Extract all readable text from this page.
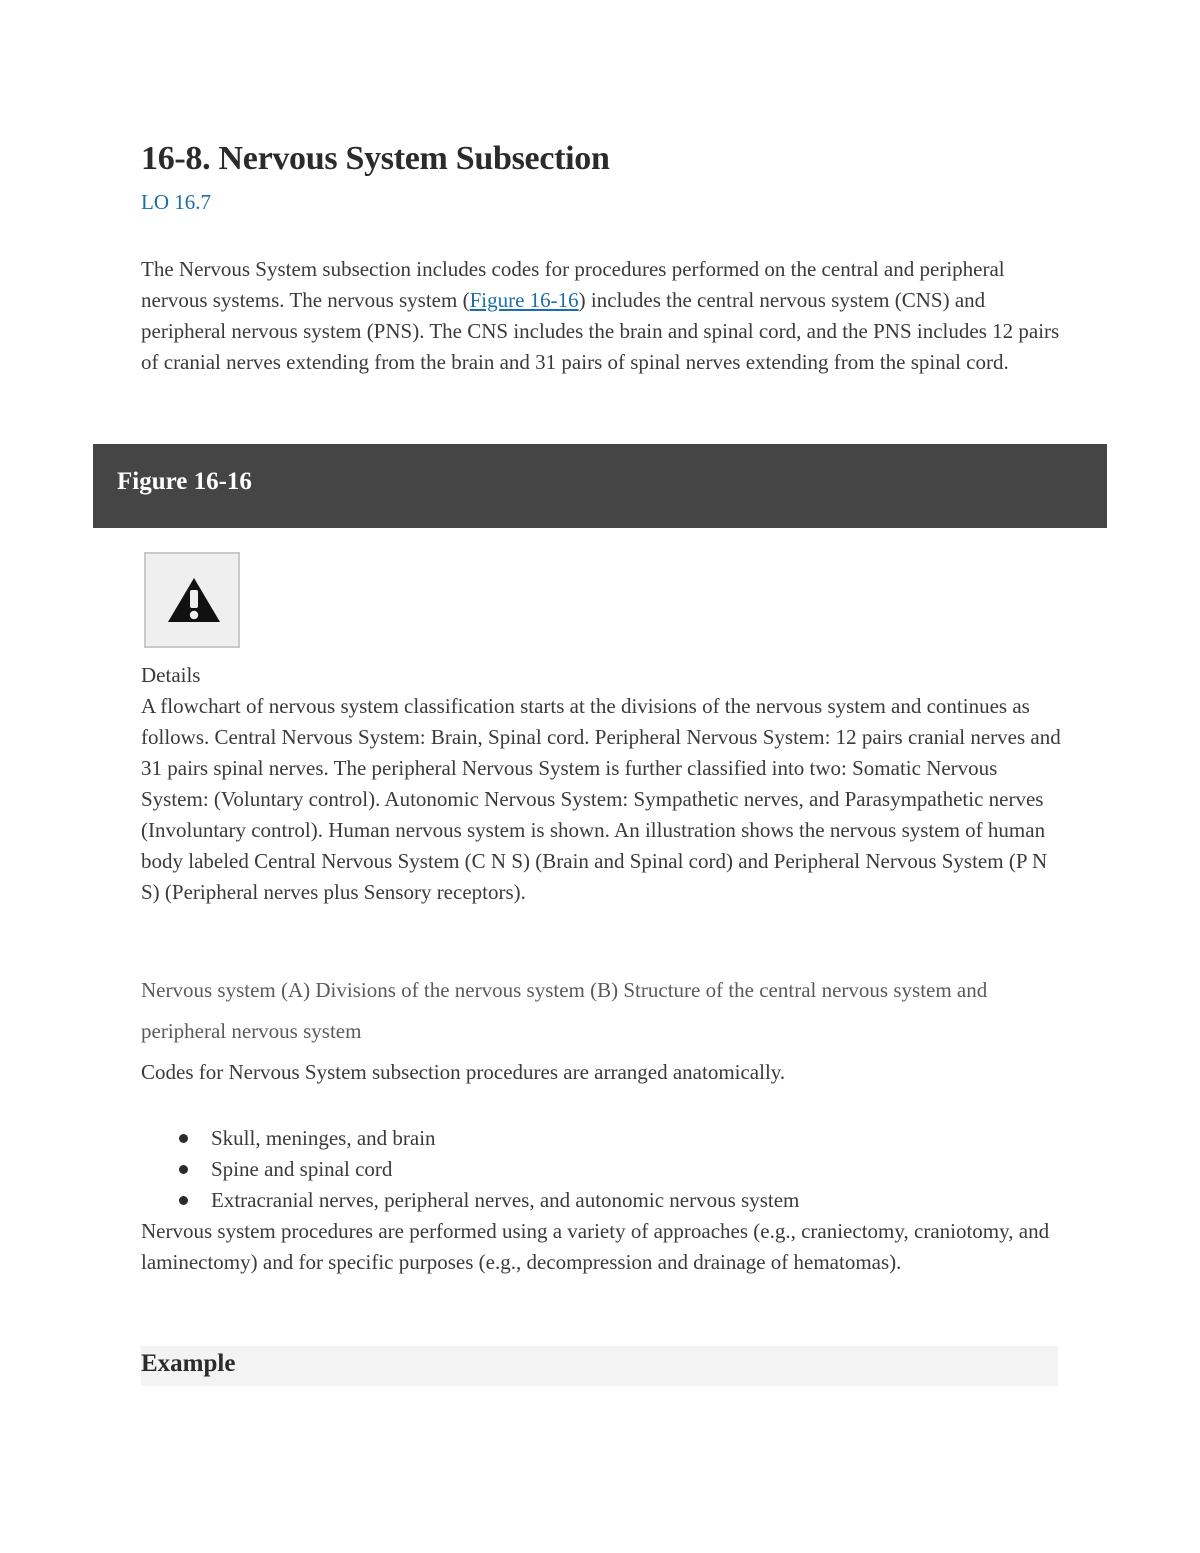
16-8. Nervous System Subsection

LO 16.7

The Nervous System subsection includes codes for procedures performed on the central and peripheral nervous systems. The nervous system (Figure 16-16) includes the central nervous system (CNS) and peripheral nervous system (PNS). The CNS includes the brain and spinal cord, and the PNS includes 12 pairs of cranial nerves extending from the brain and 31 pairs of spinal nerves extending from the spinal cord.

Figure 16-16

Details
A flowchart of nervous system classification starts at the divisions of the nervous system and continues as follows. Central Nervous System: Brain, Spinal cord. Peripheral Nervous System: 12 pairs cranial nerves and 31 pairs spinal nerves. The peripheral Nervous System is further classified into two: Somatic Nervous System: (Voluntary control). Autonomic Nervous System: Sympathetic nerves, and Parasympathetic nerves (Involuntary control). Human nervous system is shown. An illustration shows the nervous system of human body labeled Central Nervous System (C N S) (Brain and Spinal cord) and Peripheral Nervous System (P N S) (Peripheral nerves plus Sensory receptors).

Nervous system (A) Divisions of the nervous system (B) Structure of the central nervous system and peripheral nervous system

Codes for Nervous System subsection procedures are arranged anatomically.

Skull, meninges, and brain
Spine and spinal cord
Extracranial nerves, peripheral nerves, and autonomic nervous system

Nervous system procedures are performed using a variety of approaches (e.g., craniectomy, craniotomy, and laminectomy) and for specific purposes (e.g., decompression and drainage of hematomas).

Example
